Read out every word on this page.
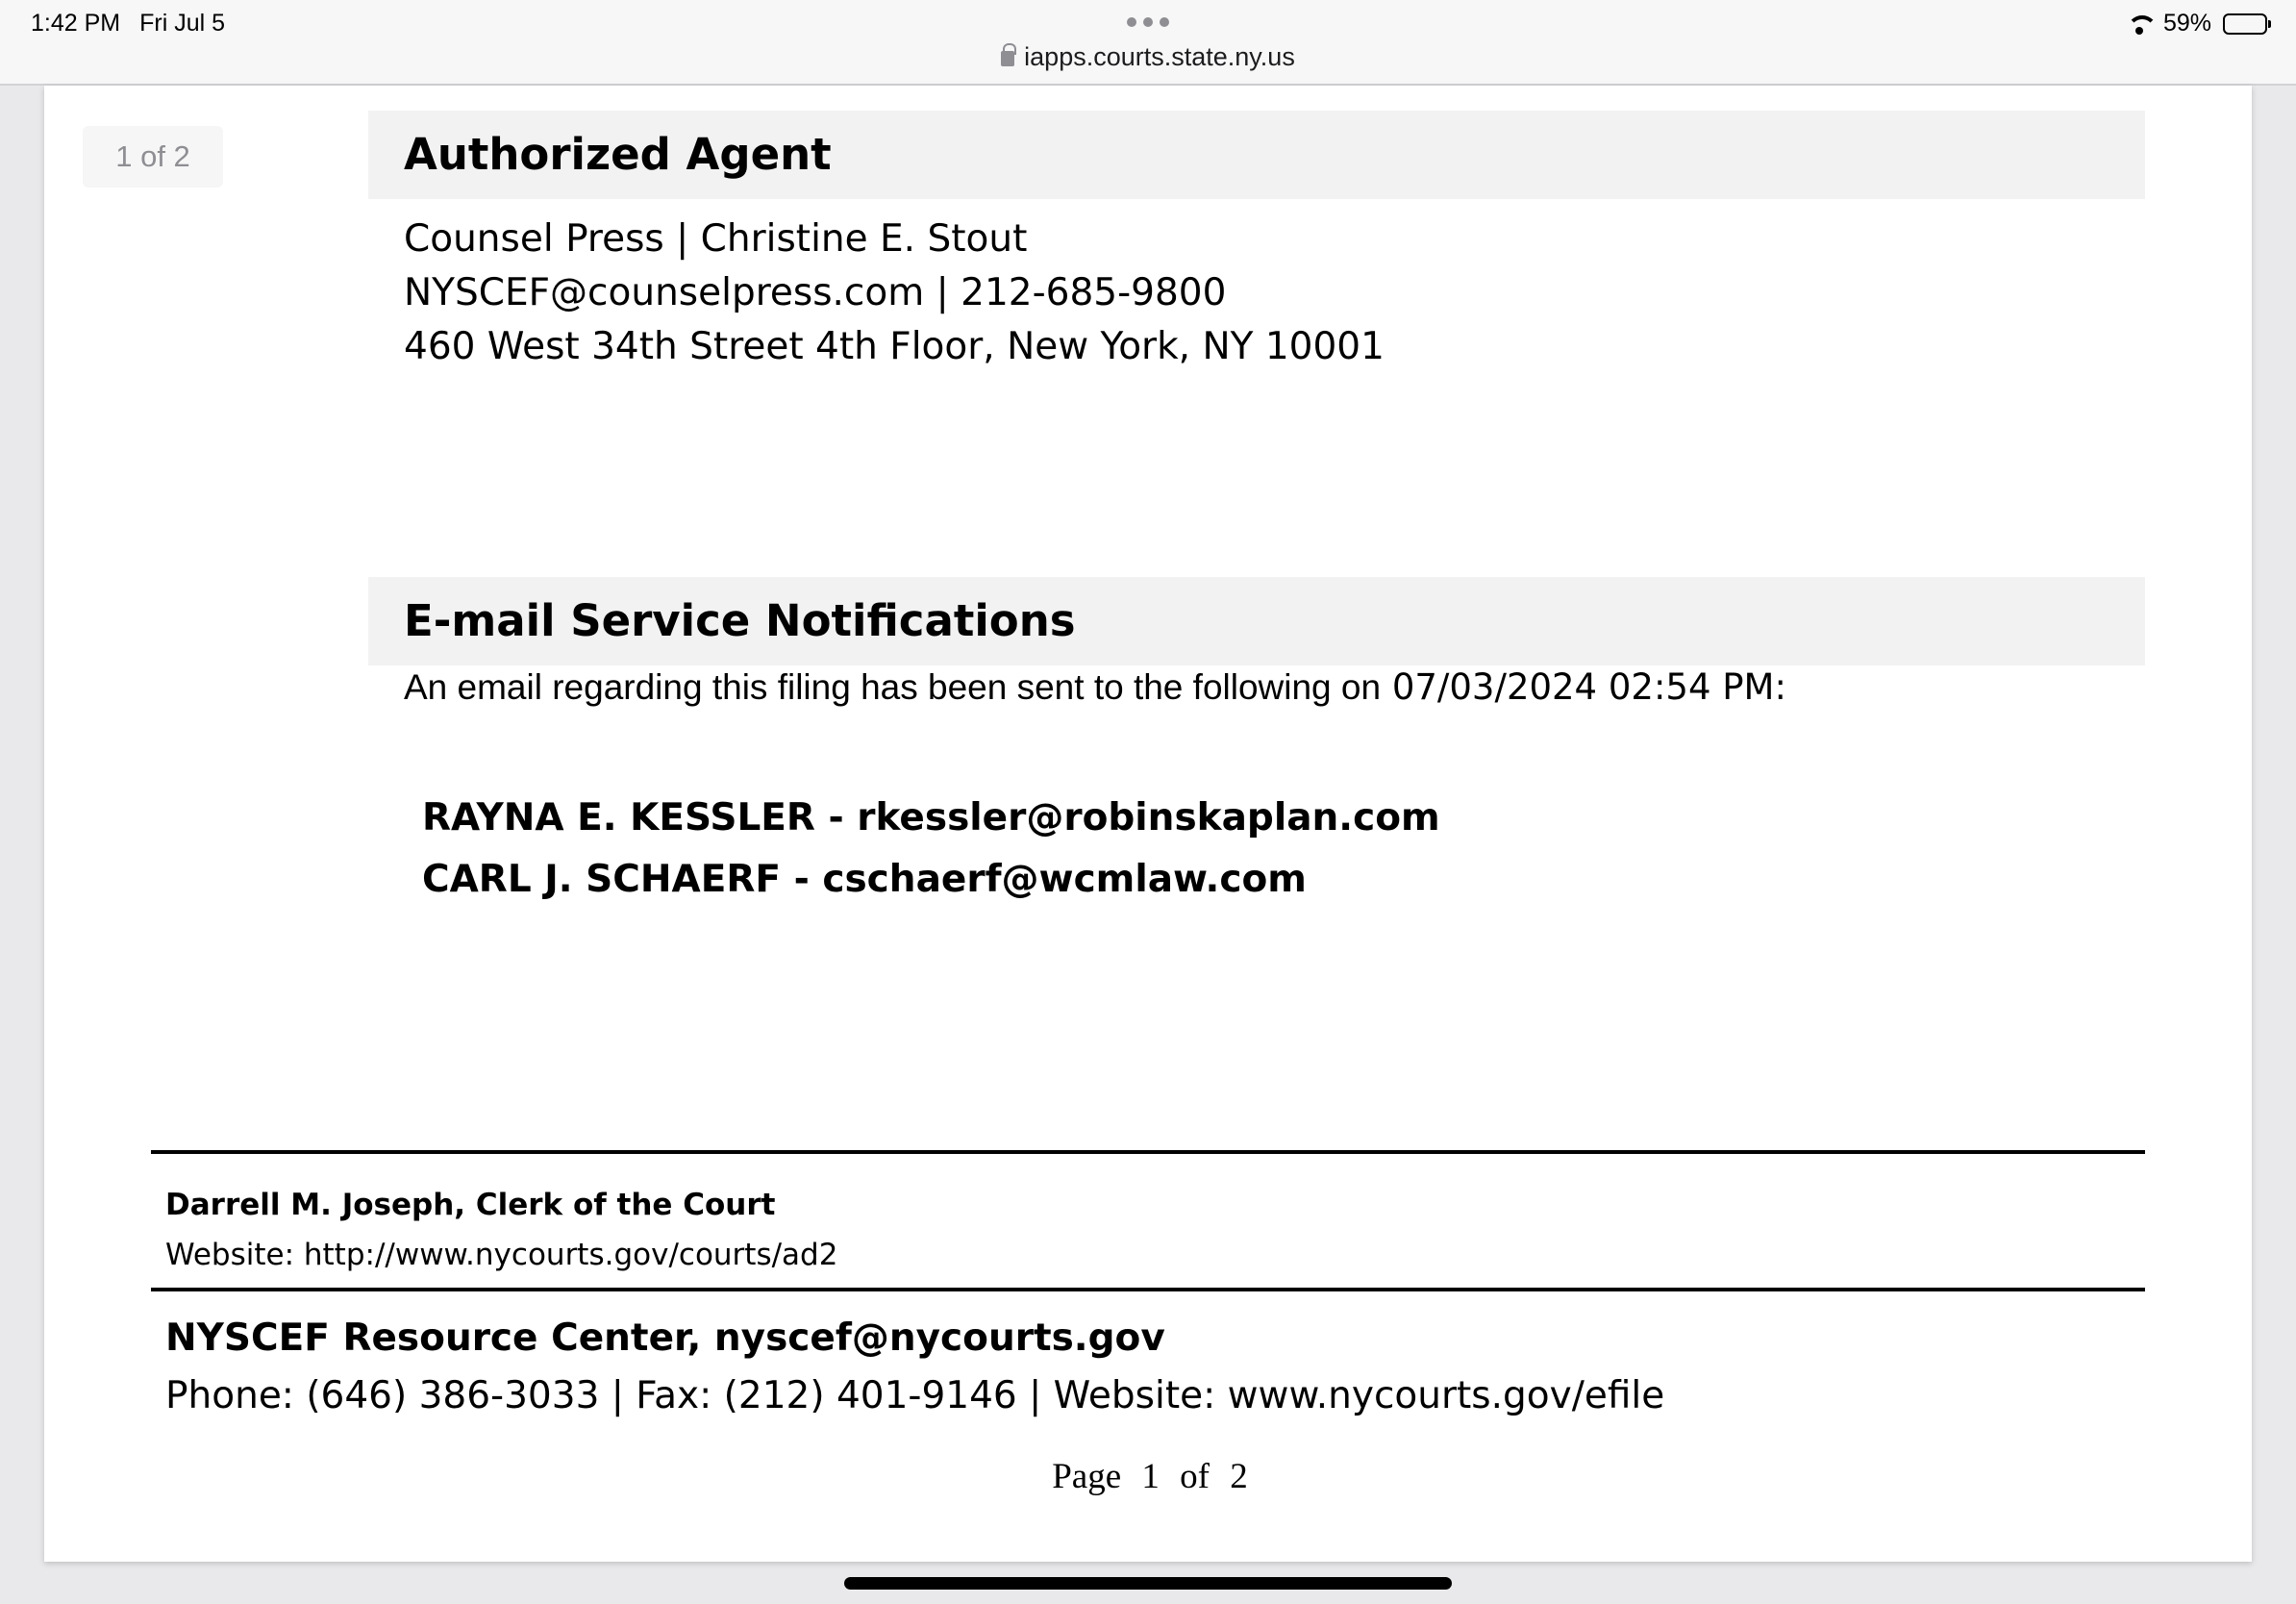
1:42 PM Fri Jul 5
iapps.courts.state.ny.us
59%
1 of 2	Authorized Agent
Counsel Press | Christine E. Stout
NYSCEF@counselpress.com | 212-685-9800
460 West 34th Street 4th Floor, New York, NY 10001
E-mail Service Notifications
An email regarding this filing has been sent to the following on 07/03/2024 02:54 PM:
RAYNA E. KESSLER - rkessler@robinskaplan.com
CARL J. SCHAERF - cschaerf@wcmlaw.com
Darrell M. Joseph, Clerk of the Court
Website: http://www.nycourts.gov/courts/ad2
NYSCEF Resource Center, nyscef@nycourts.gov
Phone: (646) 386-3033 | Fax: (212) 401-9146 | Website: www.nycourts.gov/efile
Page 1 of 2
